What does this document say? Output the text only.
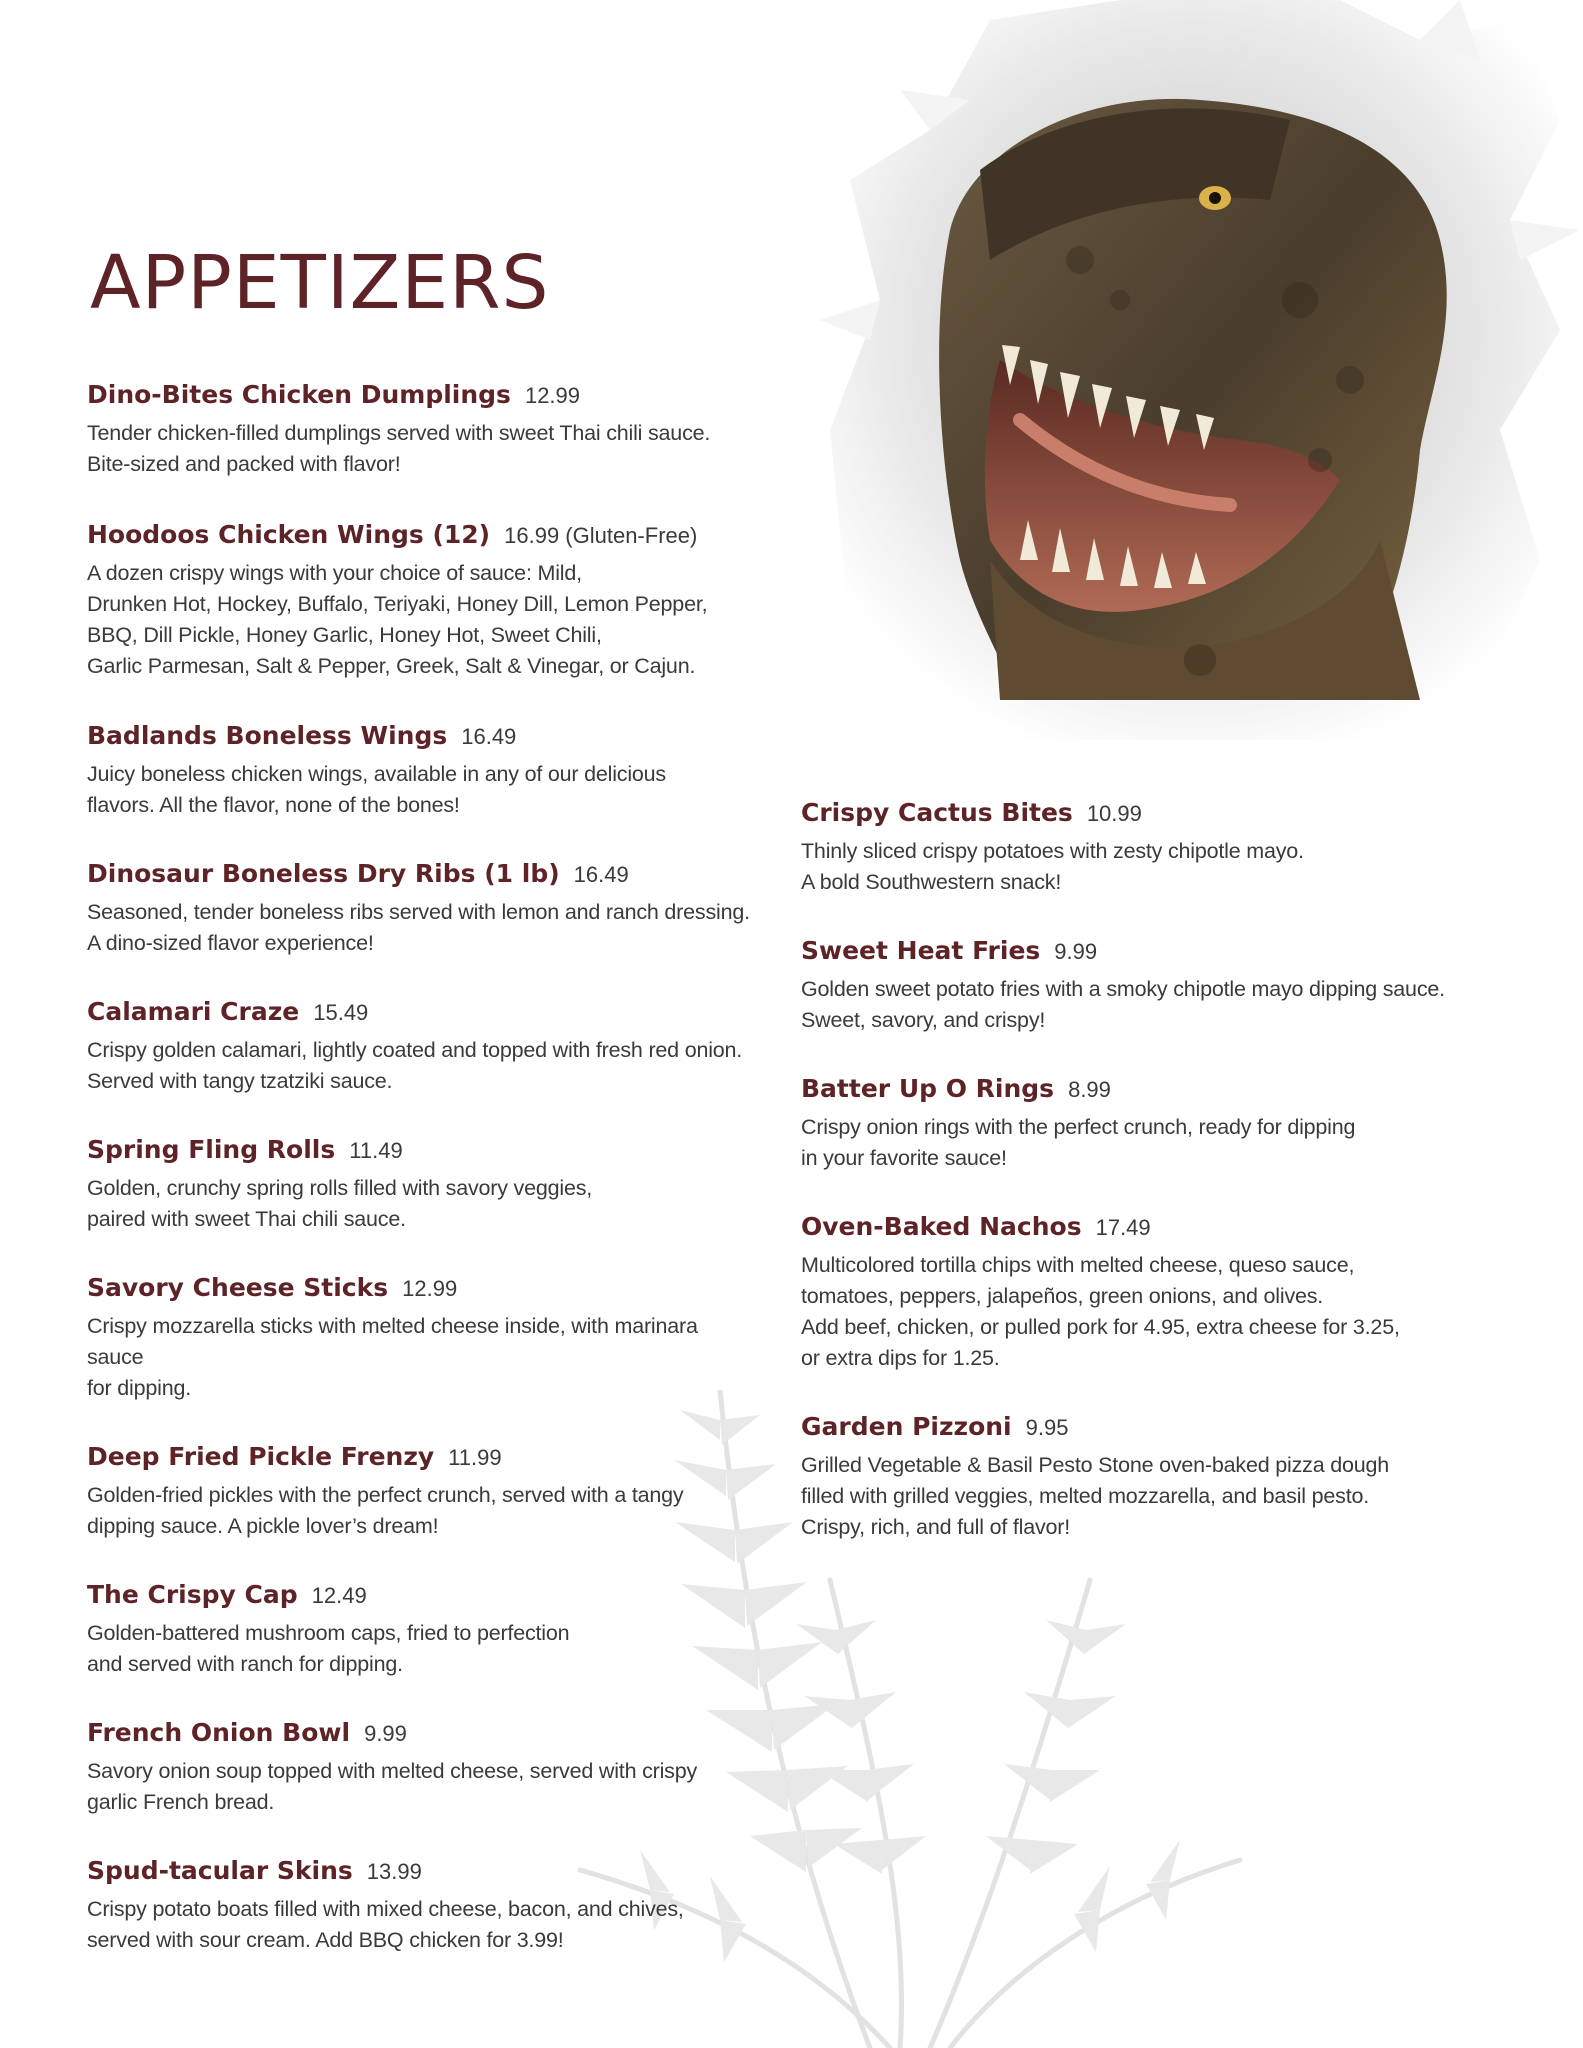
APPETIZERS
Dino-Bites Chicken Dumplings 12.99
Tender chicken-filled dumplings served with sweet Thai chili sauce.
Bite-sized and packed with flavor!
Hoodoos Chicken Wings (12) 16.99 (Gluten-Free)
A dozen crispy wings with your choice of sauce: Mild,
Drunken Hot, Hockey, Buffalo, Teriyaki, Honey Dill, Lemon Pepper,
BBQ, Dill Pickle, Honey Garlic, Honey Hot, Sweet Chili,
Garlic Parmesan, Salt & Pepper, Greek, Salt & Vinegar, or Cajun.
Badlands Boneless Wings 16.49
Juicy boneless chicken wings, available in any of our delicious
flavors. All the flavor, none of the bones!
Dinosaur Boneless Dry Ribs (1 lb) 16.49
Seasoned, tender boneless ribs served with lemon and ranch dressing.
A dino-sized flavor experience!
Calamari Craze 15.49
Crispy golden calamari, lightly coated and topped with fresh red onion.
Served with tangy tzatziki sauce.
Spring Fling Rolls 11.49
Golden, crunchy spring rolls filled with savory veggies,
paired with sweet Thai chili sauce.
Savory Cheese Sticks 12.99
Crispy mozzarella sticks with melted cheese inside, with marinara
sauce
for dipping.
Deep Fried Pickle Frenzy 11.99
Golden-fried pickles with the perfect crunch, served with a tangy
dipping sauce. A pickle lover’s dream!
The Crispy Cap 12.49
Golden-battered mushroom caps, fried to perfection
and served with ranch for dipping.
French Onion Bowl 9.99
Savory onion soup topped with melted cheese, served with crispy
garlic French bread.
Spud-tacular Skins 13.99
Crispy potato boats filled with mixed cheese, bacon, and chives,
served with sour cream. Add BBQ chicken for 3.99!
Crispy Cactus Bites 10.99
Thinly sliced crispy potatoes with zesty chipotle mayo.
A bold Southwestern snack!
Sweet Heat Fries 9.99
Golden sweet potato fries with a smoky chipotle mayo dipping sauce.
Sweet, savory, and crispy!
Batter Up O Rings 8.99
Crispy onion rings with the perfect crunch, ready for dipping
in your favorite sauce!
Oven-Baked Nachos 17.49
Multicolored tortilla chips with melted cheese, queso sauce,
tomatoes, peppers, jalapeños, green onions, and olives.
Add beef, chicken, or pulled pork for 4.95, extra cheese for 3.25,
or extra dips for 1.25.
Garden Pizzoni 9.95
Grilled Vegetable & Basil Pesto Stone oven-baked pizza dough
filled with grilled veggies, melted mozzarella, and basil pesto.
Crispy, rich, and full of flavor!
